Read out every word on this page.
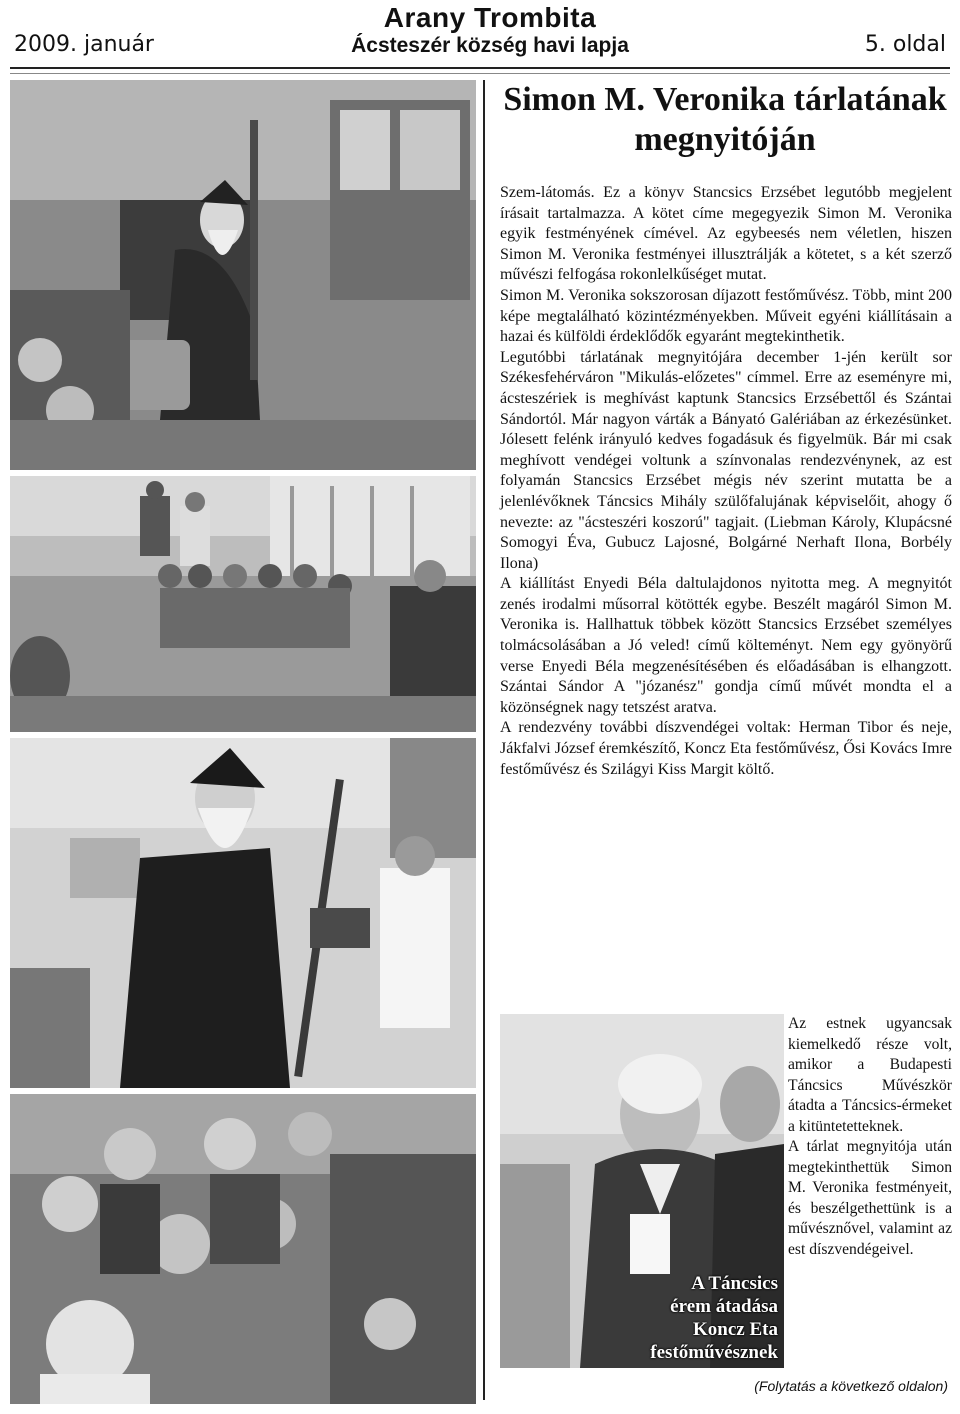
2009. január
Arany Trombita
Ácsteszér község havi lapja	5. oldal
Simon M. Veronika tárlatának
megnyitóján

Szem-látomás. Ez a könyv Stancsics Erzsébet legutóbb megjelent írásait tartalmazza. A kötet címe megegyezik Simon M. Veronika egyik festményének címével. Az egybeesés nem véletlen, hiszen Simon M. Veronika festményei illusztrálják a kötetet, s a két szerző művészi felfogása rokonlelkűséget mutat.

Simon M. Veronika sokszorosan díjazott festőművész. Több, mint 200 képe megtalálható közintézményekben. Műveit egyéni kiállításain a hazai és külföldi érdeklődők egyaránt megtekinthetik.

Legutóbbi tárlatának megnyitójára december 1-jén került sor Székesfehérváron "Mikulás-előzetes" címmel. Erre az eseményre mi, ácsteszériek is meghívást kaptunk Stancsics Erzsébettől és Szántai Sándortól. Már nagyon várták a Bányató Galériában az érkezésünket. Jólesett felénk irányuló kedves fogadásuk és figyelmük. Bár mi csak meghívott vendégei voltunk a színvonalas rendezvénynek, az est folyamán Stancsics Erzsébet mégis név szerint mutatta be a jelenlévőknek Táncsics Mihály szülőfalujának képviselőit, ahogy ő nevezte: az "ácsteszéri koszorú" tagjait. (Liebman Károly, Klupácsné Somogyi Éva, Gubucz Lajosné, Bolgárné Nerhaft Ilona, Borbély Ilona)

A kiállítást Enyedi Béla daltulajdonos nyitotta meg. A megnyitót zenés irodalmi műsorral kötötték egybe. Beszélt magáról Simon M. Veronika is. Hallhattuk többek között Stancsics Erzsébet személyes tolmácsolásában a Jó veled! című költeményt. Nem egy gyönyörű verse Enyedi Béla megzenésítésében és előadásában is elhangzott. Szántai Sándor A "józanész" gondja című művét mondta el a közönségnek nagy tetszést aratva.

A rendezvény további díszvendégei voltak: Herman Tibor és neje, Jákfalvi József éremkészítő, Koncz Eta festőművész, Ősi Kovács Imre festőművész és Szilágyi Kiss Margit költő.

A Táncsics
érem átadása
Koncz Eta
festőművésznek

Az estnek ugyancsak kiemelkedő része volt, amikor a Budapesti Táncsics Művészkör átadta a Táncsics-érmeket a kitüntetetteknek.

A tárlat megnyitója után megtekinthettük Simon M. Veronika festményeit, és beszélgethettünk is a művésznővel, valamint az est díszvendégeivel.

(Folytatás a következő oldalon)
